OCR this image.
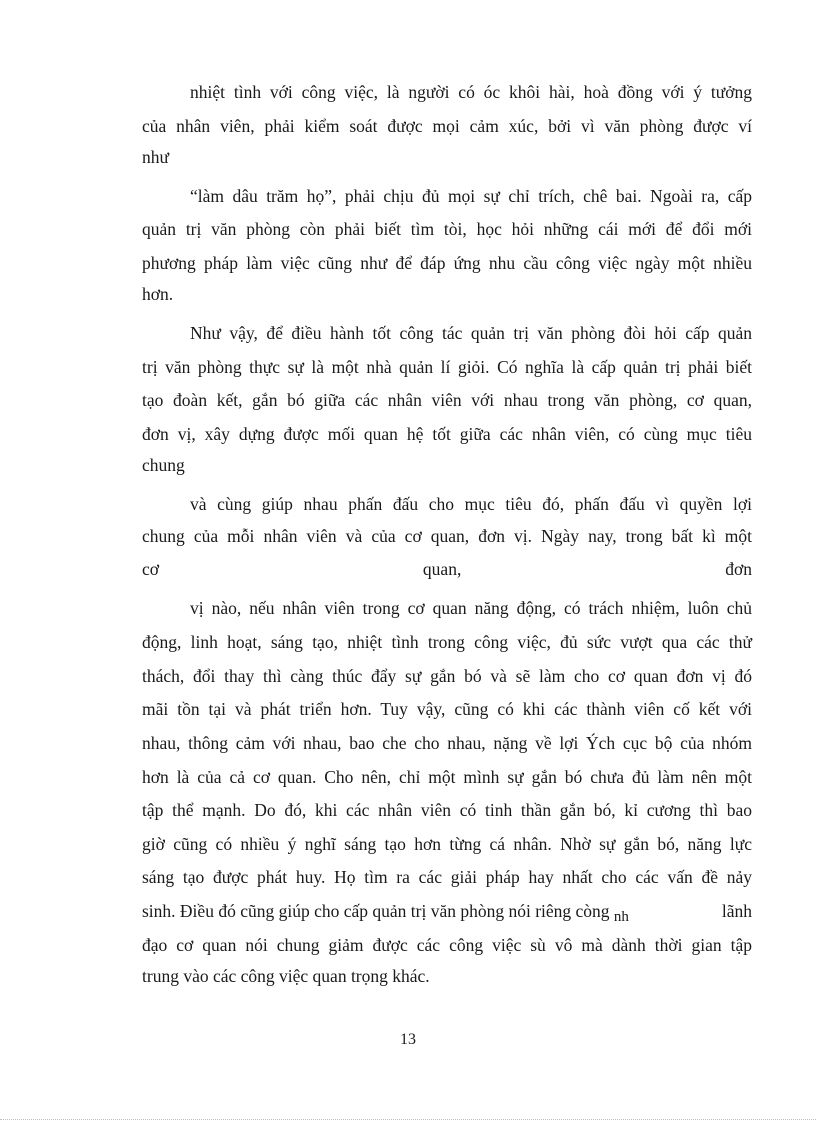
nhiệt tình với công việc, là người có óc khôi hài, hoà đồng với ý tưởng
của nhân viên, phải kiểm soát được mọi cảm xúc, bởi vì văn phòng được ví
như
“làm dâu trăm họ”, phải chịu đủ mọi sự chỉ trích, chê bai. Ngoài ra, cấp
quản trị văn phòng còn phải biết tìm tòi, học hỏi những cái mới để đổi mới
phương pháp làm việc cũng như để đáp ứng nhu cầu công việc ngày một nhiều
hơn.
Như vậy, để điều hành tốt công tác quản trị văn phòng đòi hỏi cấp quản
trị văn phòng thực sự là một nhà quản lí giỏi. Có nghĩa là cấp quản trị phải biết
tạo đoàn kết, gắn bó giữa các nhân viên với nhau trong văn phòng, cơ quan,
đơn vị, xây dựng được mối quan hệ tốt giữa các nhân viên, có cùng mục tiêu
chung
và cùng giúp nhau phấn đấu cho mục tiêu đó, phấn đấu vì quyền lợi
chung của mỗi nhân viên và của cơ quan, đơn vị. Ngày nay, trong bất kì một
cơ	quan,	đơn
vị nào, nếu nhân viên trong cơ quan năng động, có trách nhiệm, luôn chủ
động, linh hoạt, sáng tạo, nhiệt tình trong công việc, đủ sức vượt qua các thử
thách, đổi thay thì càng thúc đẩy sự gắn bó và sẽ làm cho cơ quan đơn vị đó
mãi tồn tại và phát triển hơn. Tuy vậy, cũng có khi các thành viên cố kết với
nhau, thông cảm với nhau, bao che cho nhau, nặng về lợi Ých cục bộ của nhóm
hơn là của cả cơ quan. Cho nên, chỉ một mình sự gắn bó chưa đủ làm nên một
tập thể mạnh. Do đó, khi các nhân viên có tinh thần gắn bó, kỉ cương thì bao
giờ cũng có nhiều ý nghĩ sáng tạo hơn từng cá nhân. Nhờ sự gắn bó, năng lực
sáng tạo được phát huy. Họ tìm ra các giải pháp hay nhất cho các vấn đề nảy
sinh. Điều đó cũng giúp cho cấp quản trị văn phòng nói riêng còng nh	lãnh
đạo cơ quan nói chung giảm được các công việc sù vô mà dành thời gian tập
trung vào các công việc quan trọng khác.
13
